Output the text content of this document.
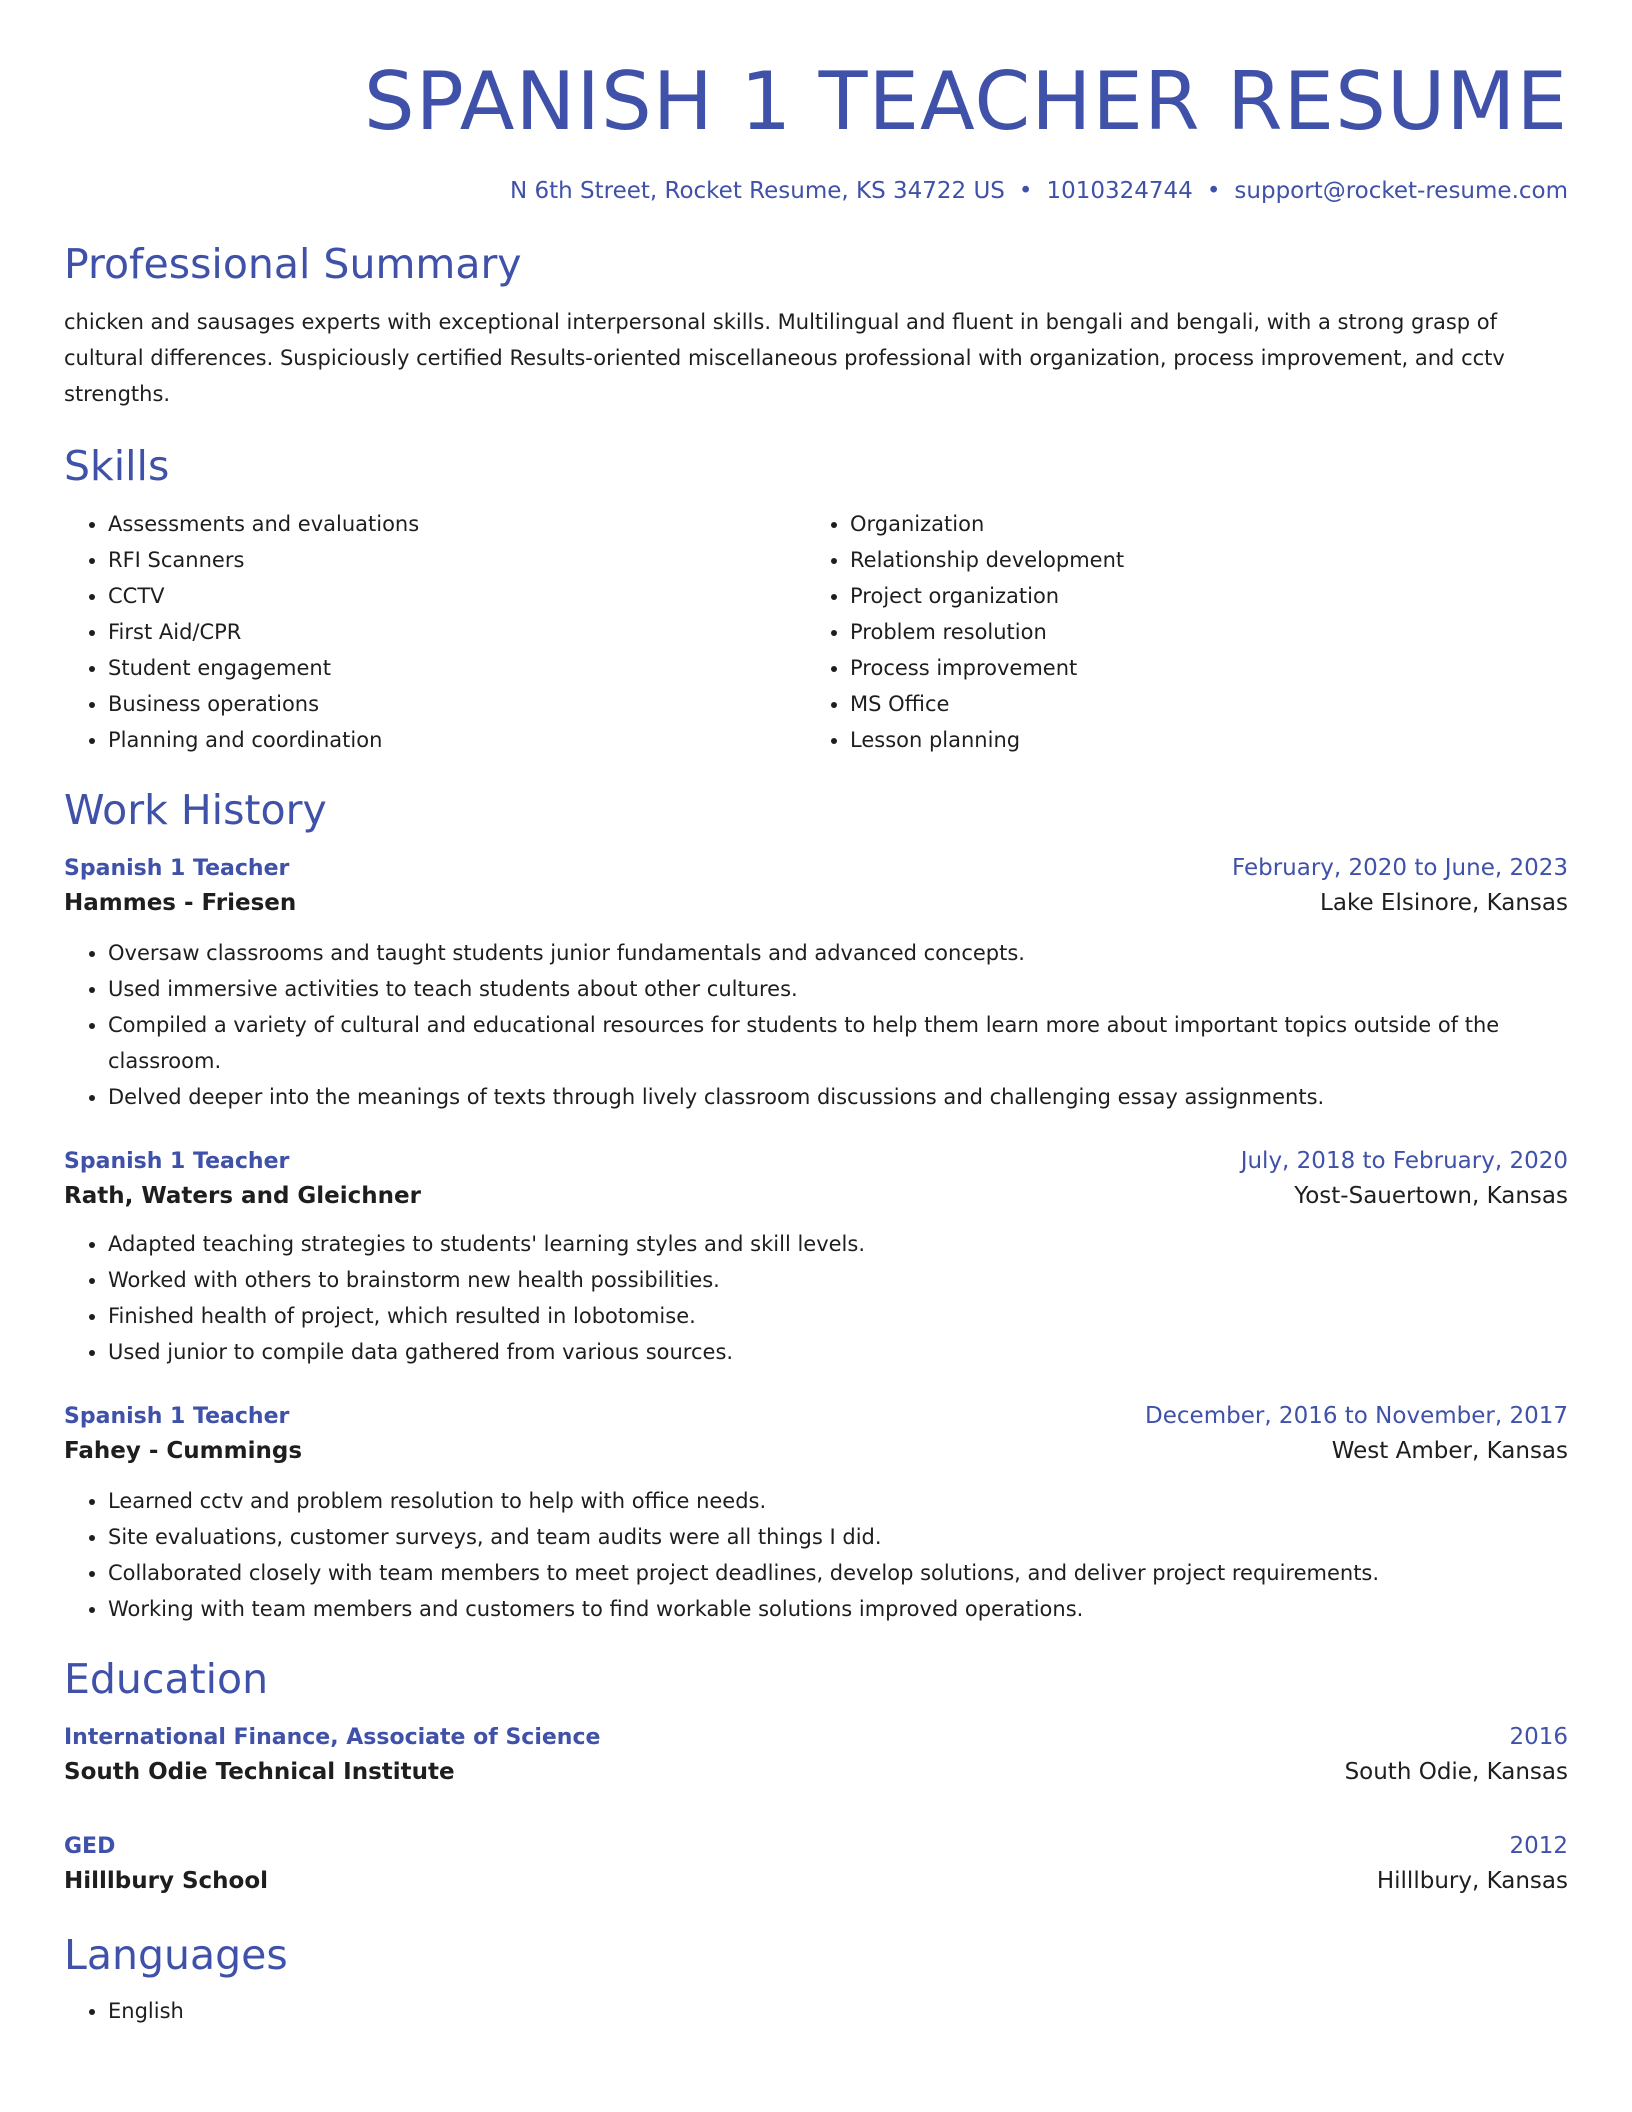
SPANISH 1 TEACHER RESUME
N 6th Street, Rocket Resume, KS 34722 US • 1010324744 • support@rocket-resume.com
Professional Summary

chicken and sausages experts with exceptional interpersonal skills. Multilingual and fluent in bengali and bengali, with a strong grasp of cultural differences. Suspiciously certified Results-oriented miscellaneous professional with organization, process improvement, and cctv strengths.

Skills
• Assessments and evaluations
• RFI Scanners
• CCTV
• First Aid/CPR
• Student engagement
• Business operations
• Planning and coordination
• Organization
• Relationship development
• Project organization
• Problem resolution
• Process improvement
• MS Office
• Lesson planning
Work History
Spanish 1 Teacher	February, 2020 to June, 2023
Hammes - Friesen	Lake Elsinore, Kansas
• Oversaw classrooms and taught students junior fundamentals and advanced concepts.
• Used immersive activities to teach students about other cultures.
• Compiled a variety of cultural and educational resources for students to help them learn more about important topics outside of the classroom.
• Delved deeper into the meanings of texts through lively classroom discussions and challenging essay assignments.
Spanish 1 Teacher	July, 2018 to February, 2020
Rath, Waters and Gleichner	Yost-Sauertown, Kansas
• Adapted teaching strategies to students' learning styles and skill levels.
• Worked with others to brainstorm new health possibilities.
• Finished health of project, which resulted in lobotomise.
• Used junior to compile data gathered from various sources.
Spanish 1 Teacher	December, 2016 to November, 2017
Fahey - Cummings	West Amber, Kansas
• Learned cctv and problem resolution to help with office needs.
• Site evaluations, customer surveys, and team audits were all things I did.
• Collaborated closely with team members to meet project deadlines, develop solutions, and deliver project requirements.
• Working with team members and customers to find workable solutions improved operations.
Education
International Finance, Associate of Science	2016
South Odie Technical Institute	South Odie, Kansas
GED	2012
Hilllbury School	Hilllbury, Kansas
Languages
• English
